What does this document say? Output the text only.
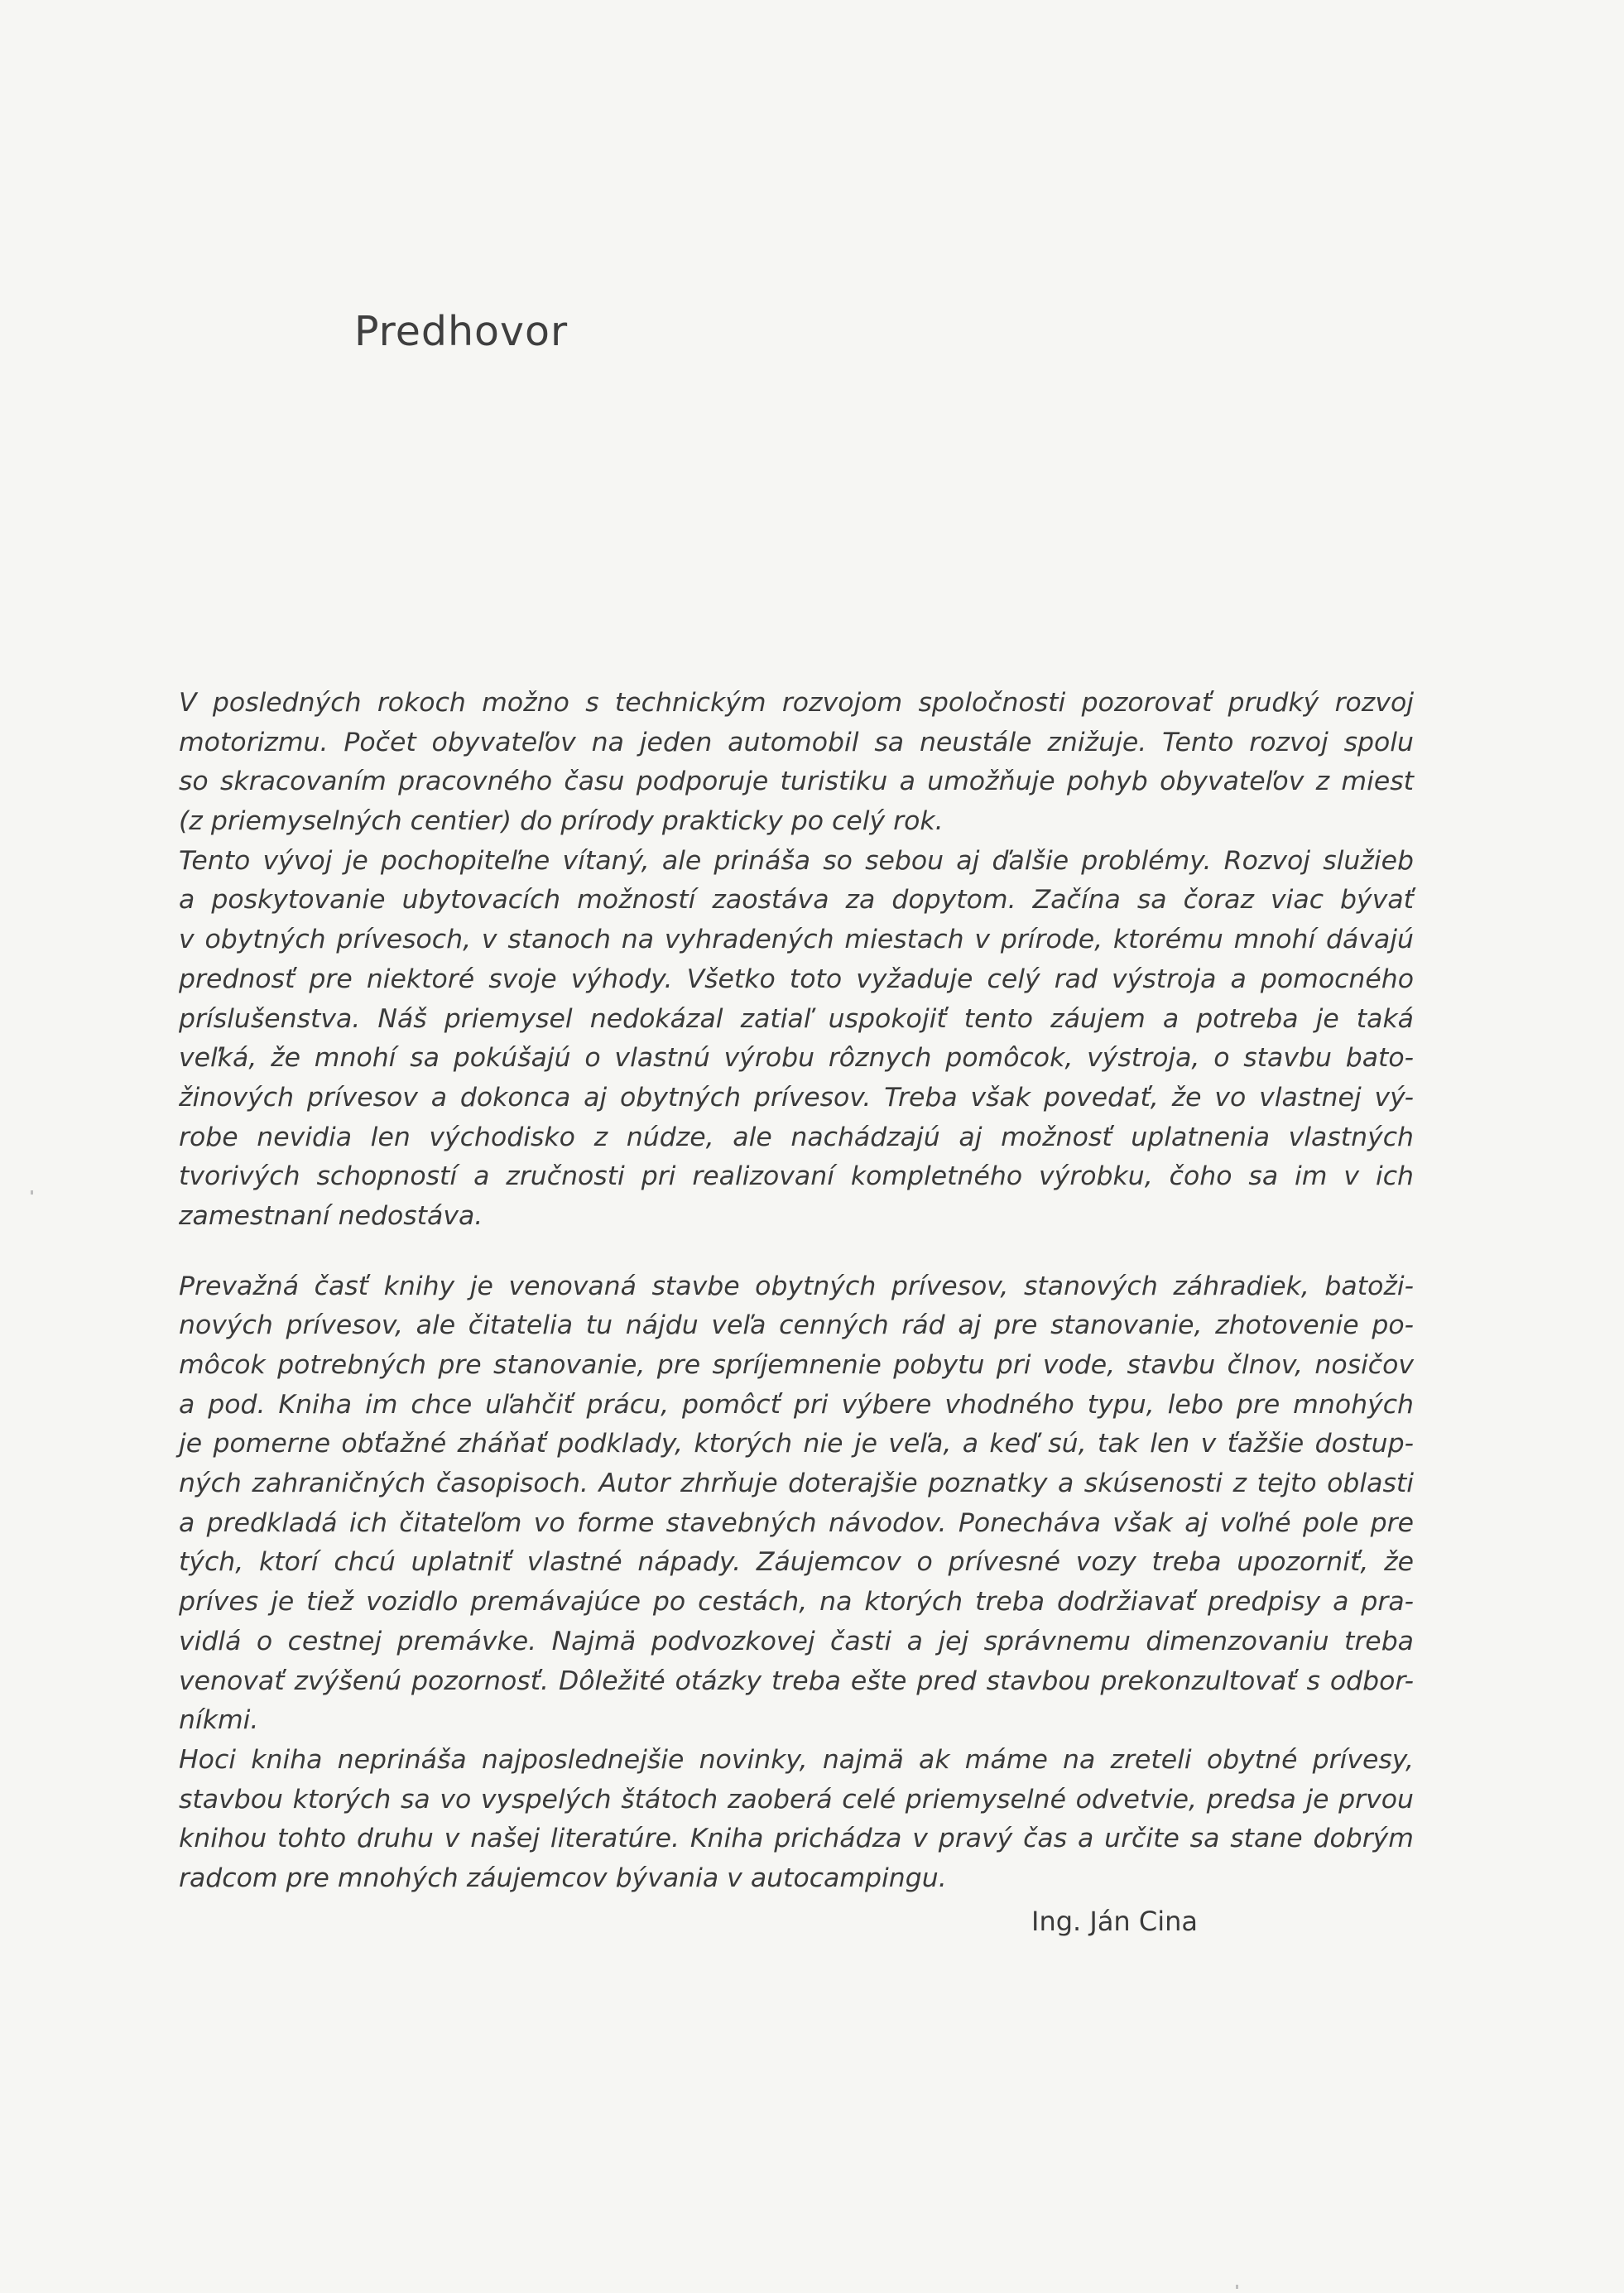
Predhovor
V posledných rokoch možno s technickým rozvojom spoločnosti pozorovať prudký rozvoj
motorizmu. Počet obyvateľov na jeden automobil sa neustále znižuje. Tento rozvoj spolu
so skracovaním pracovného času podporuje turistiku a umožňuje pohyb obyvateľov z miest
(z priemyselných centier) do prírody prakticky po celý rok.
Tento vývoj je pochopiteľne vítaný, ale prináša so sebou aj ďalšie problémy. Rozvoj služieb
a poskytovanie ubytovacích možností zaostáva za dopytom. Začína sa čoraz viac bývať
v obytných prívesoch, v stanoch na vyhradených miestach v prírode, ktorému mnohí dávajú
prednosť pre niektoré svoje výhody. Všetko toto vyžaduje celý rad výstroja a pomocného
príslušenstva. Náš priemysel nedokázal zatiaľ uspokojiť tento záujem a potreba je taká
veľká, že mnohí sa pokúšajú o vlastnú výrobu rôznych pomôcok, výstroja, o stavbu bato-
žinových prívesov a dokonca aj obytných prívesov. Treba však povedať, že vo vlastnej vý-
robe nevidia len východisko z núdze, ale nachádzajú aj možnosť uplatnenia vlastných
tvorivých schopností a zručnosti pri realizovaní kompletného výrobku, čoho sa im v ich
zamestnaní nedostáva.
Prevažná časť knihy je venovaná stavbe obytných prívesov, stanových záhradiek, batoži-
nových prívesov, ale čitatelia tu nájdu veľa cenných rád aj pre stanovanie, zhotovenie po-
môcok potrebných pre stanovanie, pre spríjemnenie pobytu pri vode, stavbu člnov, nosičov
a pod. Kniha im chce uľahčiť prácu, pomôcť pri výbere vhodného typu, lebo pre mnohých
je pomerne obťažné zháňať podklady, ktorých nie je veľa, a keď sú, tak len v ťažšie dostup-
ných zahraničných časopisoch. Autor zhrňuje doterajšie poznatky a skúsenosti z tejto oblasti
a predkladá ich čitateľom vo forme stavebných návodov. Ponecháva však aj voľné pole pre
tých, ktorí chcú uplatniť vlastné nápady. Záujemcov o prívesné vozy treba upozorniť, že
príves je tiež vozidlo premávajúce po cestách, na ktorých treba dodržiavať predpisy a pra-
vidlá o cestnej premávke. Najmä podvozkovej časti a jej správnemu dimenzovaniu treba
venovať zvýšenú pozornosť. Dôležité otázky treba ešte pred stavbou prekonzultovať s odbor-
níkmi.
Hoci kniha neprináša najposlednejšie novinky, najmä ak máme na zreteli obytné prívesy,
stavbou ktorých sa vo vyspelých štátoch zaoberá celé priemyselné odvetvie, predsa je prvou
knihou tohto druhu v našej literatúre. Kniha prichádza v pravý čas a určite sa stane dobrým
radcom pre mnohých záujemcov bývania v autocampingu.

Ing. Ján Cina
